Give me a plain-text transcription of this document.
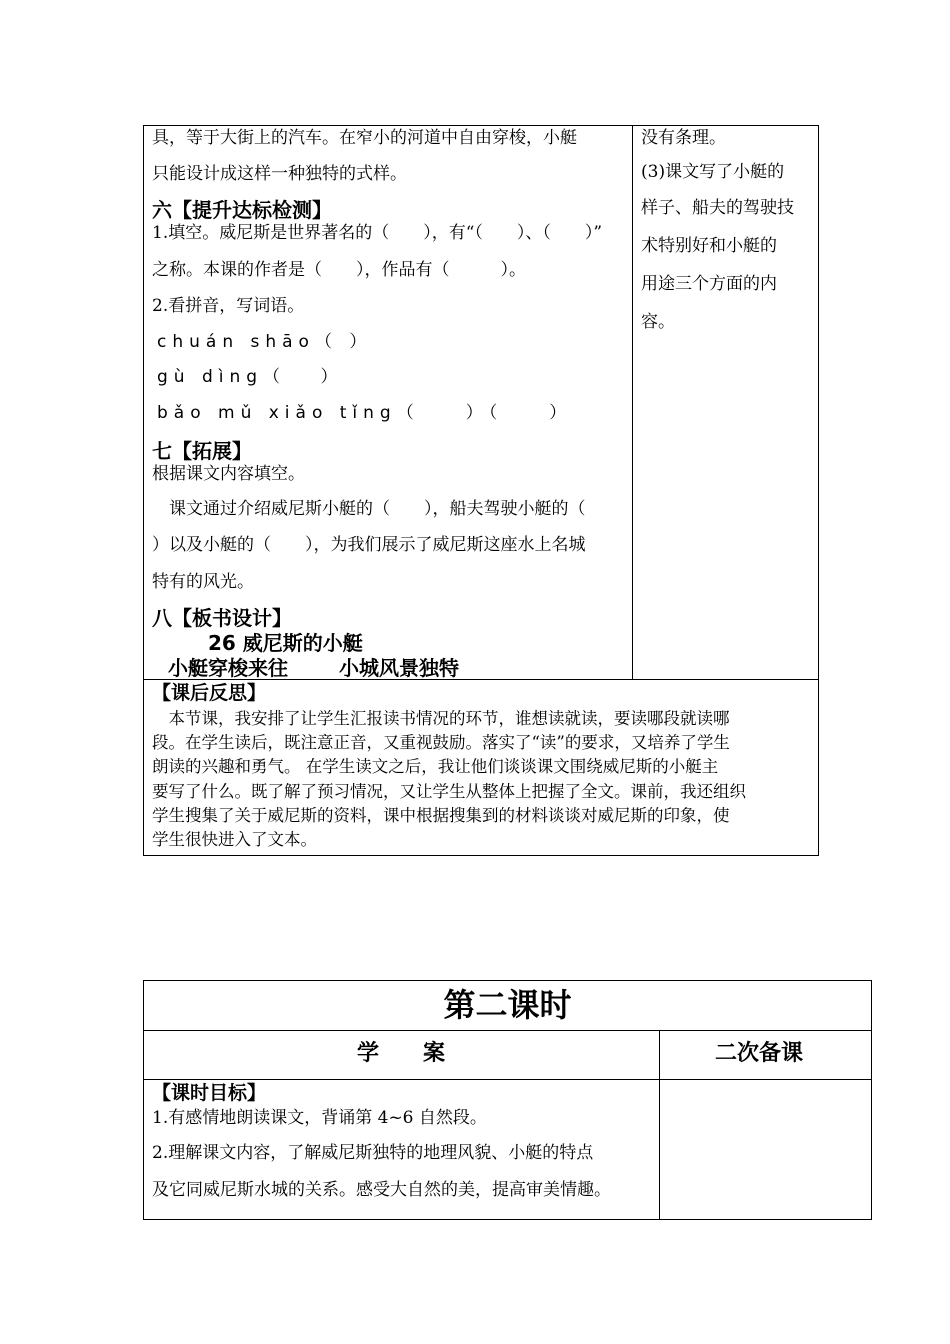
具，等于大街上的汽车。在窄小的河道中自由穿梭，小艇
只能设计成这样一种独特的式样。
六【提升达标检测】
1.填空。威尼斯是世界著名的（　　），有“（　　）、（　　）”
之称。本课的作者是（　　），作品有（　　　）。
2.看拼音，写词语。
chuán shāo（ ）
gù dìng（　 ）
bǎo mǔ xiǎo tǐng（　　）（　　）
七【拓展】
根据课文内容填空。
　课文通过介绍威尼斯小艇的（　　），船夫驾驶小艇的（
）以及小艇的（　　），为我们展示了威尼斯这座水上名城
特有的风光。
八【板书设计】
26 威尼斯的小艇
小艇穿梭来往	小城风景独特
没有条理。
(3)课文写了小艇的
样子、船夫的驾驶技
术特别好和小艇的
用途三个方面的内
容。
【课后反思】
　本节课，我安排了让学生汇报读书情况的环节，谁想读就读，要读哪段就读哪
段。在学生读后，既注意正音，又重视鼓励。落实了“读”的要求，又培养了学生
朗读的兴趣和勇气。 在学生读文之后，我让他们谈谈课文围绕威尼斯的小艇主
要写了什么。既了解了预习情况，又让学生从整体上把握了全文。课前，我还组织
学生搜集了关于威尼斯的资料，课中根据搜集到的材料谈谈对威尼斯的印象，使
学生很快进入了文本。
第二课时
学　　案	二次备课
【课时目标】
1.有感情地朗读课文，背诵第 4~6 自然段。
2.理解课文内容，了解威尼斯独特的地理风貌、小艇的特点
及它同威尼斯水城的关系。感受大自然的美，提高审美情趣。
